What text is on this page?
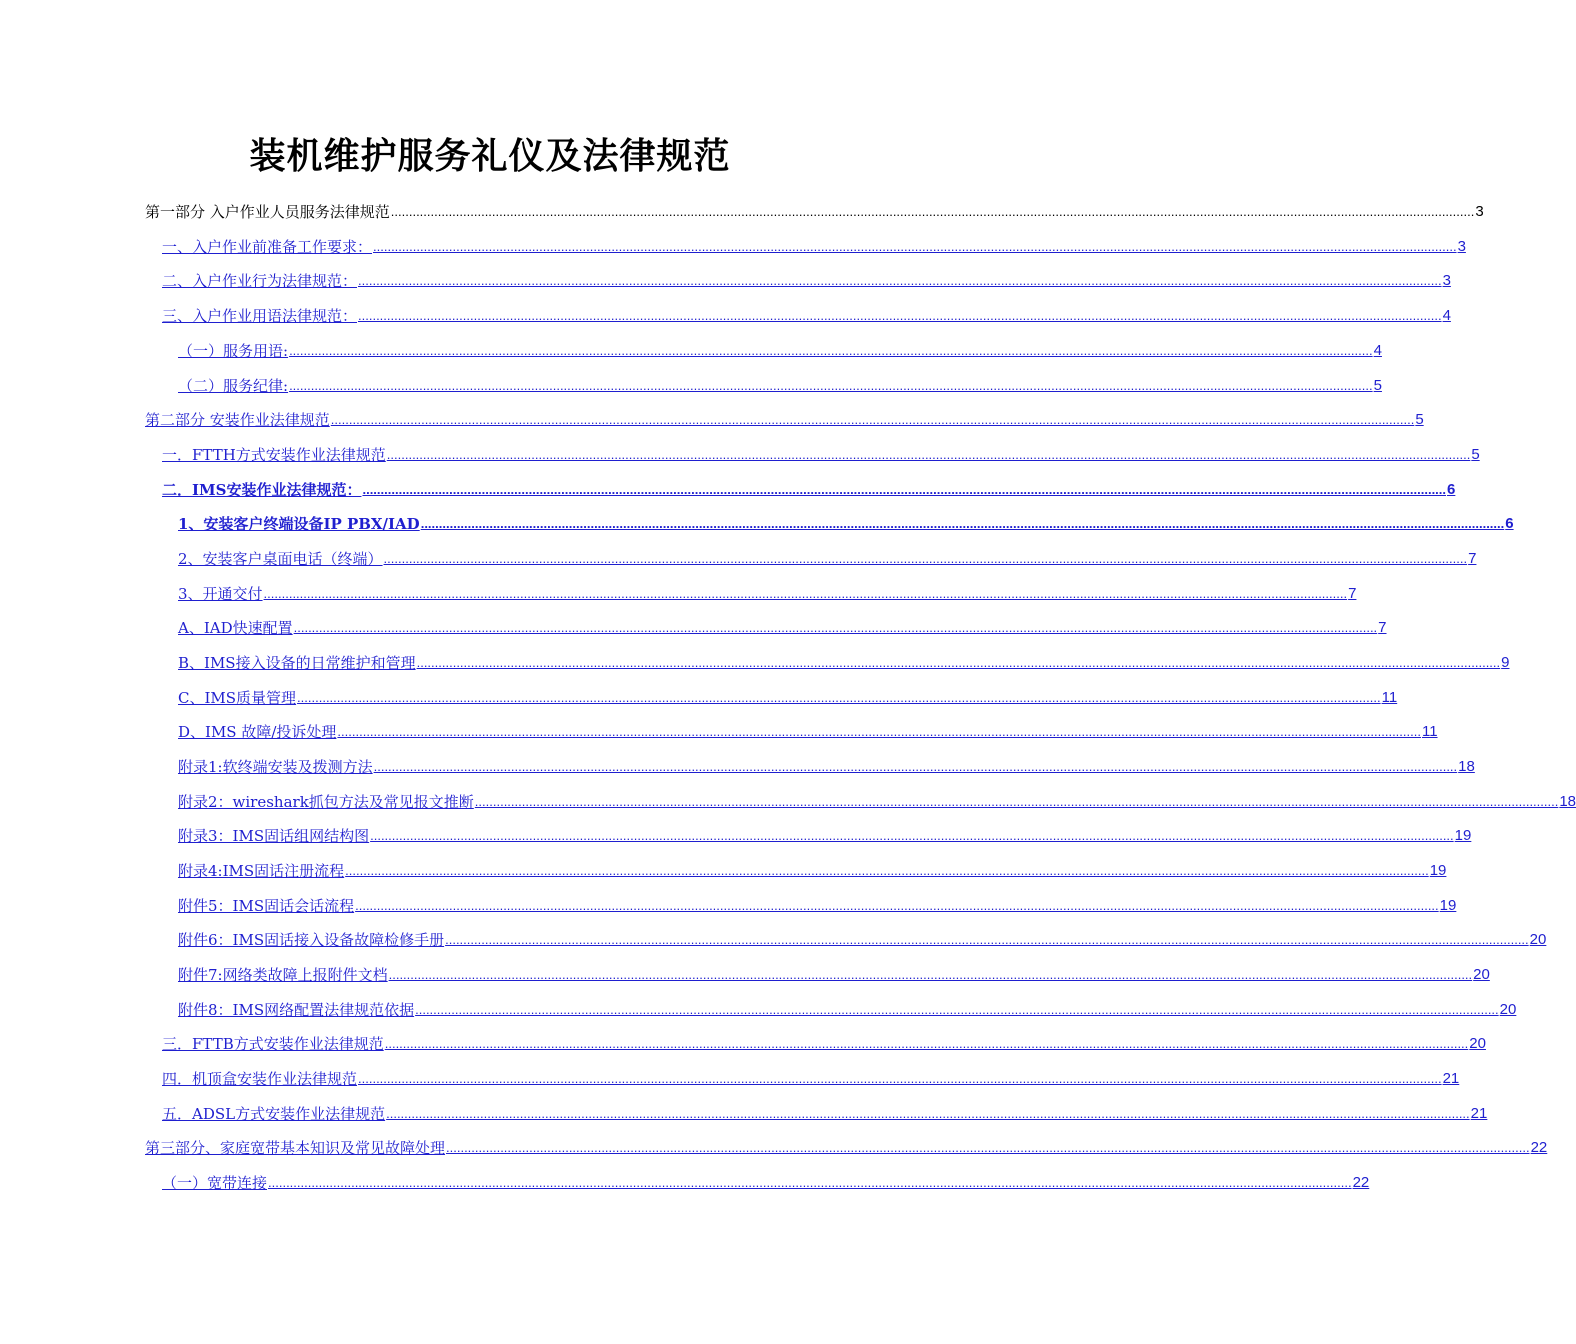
装机维护服务礼仪及法律规范
第一部分 入户作业人员服务法律规范 ............................................................................................................................................................................................................................................................................................................ 3
一、入户作业前准备工作要求： ............................................................................................................................................................................................................................................................................................................ 3
二、入户作业行为法律规范： ............................................................................................................................................................................................................................................................................................................ 3
三、入户作业用语法律规范： ............................................................................................................................................................................................................................................................................................................ 4
（一）服务用语: ............................................................................................................................................................................................................................................................................................................ 4
（二）服务纪律: ............................................................................................................................................................................................................................................................................................................ 5
第二部分 安装作业法律规范 ............................................................................................................................................................................................................................................................................................................ 5
一．FTTH方式安装作业法律规范 ............................................................................................................................................................................................................................................................................................................ 5
二．IMS安装作业法律规范： ............................................................................................................................................................................................................................................................................................................ 6
1、安装客户终端设备IP PBX/IAD ............................................................................................................................................................................................................................................................................................................ 6
2、安装客户桌面电话（终端） ............................................................................................................................................................................................................................................................................................................ 7
3、开通交付 ............................................................................................................................................................................................................................................................................................................ 7
A、IAD快速配置 ............................................................................................................................................................................................................................................................................................................ 7
B、IMS接入设备的日常维护和管理 ............................................................................................................................................................................................................................................................................................................ 9
C、IMS质量管理 ............................................................................................................................................................................................................................................................................................................ 11
D、IMS 故障/投诉处理 ............................................................................................................................................................................................................................................................................................................ 11
附录1:软终端安装及拨测方法 ............................................................................................................................................................................................................................................................................................................ 18
附录2：wireshark抓包方法及常见报文推断 ............................................................................................................................................................................................................................................................................................................ 18
附录3：IMS固话组网结构图 ............................................................................................................................................................................................................................................................................................................ 19
附录4:IMS固话注册流程 ............................................................................................................................................................................................................................................................................................................ 19
附件5：IMS固话会话流程 ............................................................................................................................................................................................................................................................................................................ 19
附件6：IMS固话接入设备故障检修手册 ............................................................................................................................................................................................................................................................................................................ 20
附件7:网络类故障上报附件文档 ............................................................................................................................................................................................................................................................................................................ 20
附件8：IMS网络配置法律规范依据 ............................................................................................................................................................................................................................................................................................................ 20
三．FTTB方式安装作业法律规范 ............................................................................................................................................................................................................................................................................................................ 20
四．机顶盒安装作业法律规范 ............................................................................................................................................................................................................................................................................................................ 21
五．ADSL方式安装作业法律规范 ............................................................................................................................................................................................................................................................................................................ 21
第三部分、家庭宽带基本知识及常见故障处理 ............................................................................................................................................................................................................................................................................................................ 22
（一）宽带连接 ............................................................................................................................................................................................................................................................................................................ 22
